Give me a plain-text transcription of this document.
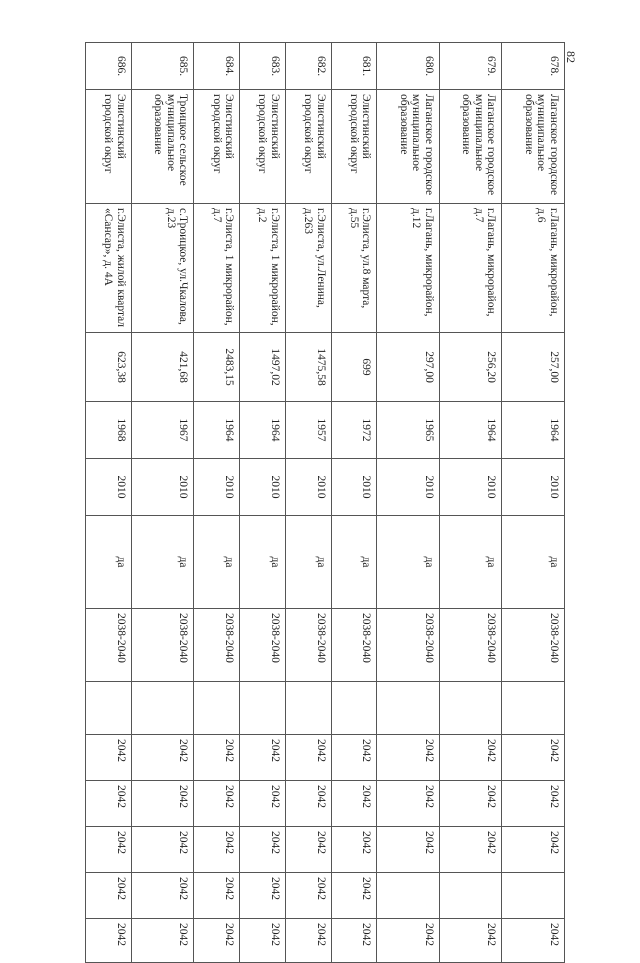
82
678.	Лаганское городское муниципальное образование	г.Лагань, микрорайон, д.6	257,00	1964	2010	да	2038-2040		2042	2042	2042		2042
679.	Лаганское городское муниципальное образование	г.Лагань, микрорайон, д.7	256,20	1964	2010	да	2038-2040		2042	2042	2042		2042
680.	Лаганское городское муниципальное образование	г.Лагань, микрорайон, д.12	297,00	1965	2010	да	2038-2040		2042	2042	2042		2042
681.	Элистинский городской округ	г.Элиста, ул.8 марта, д.55	699	1972	2010	да	2038-2040		2042	2042	2042	2042	2042
682.	Элистинский городской округ	г.Элиста, ул.Ленина, д.263	1475,58	1957	2010	да	2038-2040		2042	2042	2042	2042	2042
683.	Элистинский городской округ	г.Элиста, 1 микрорайон, д.2	1497,02	1964	2010	да	2038-2040		2042	2042	2042	2042	2042
684.	Элистинский городской округ	г.Элиста, 1 микрорайон, д.7	2483,15	1964	2010	да	2038-2040		2042	2042	2042	2042	2042
685.	Троицкое сельское муниципальное образование	с.Троицкое, ул.Чкалова, д.23	421,68	1967	2010	да	2038-2040		2042	2042	2042	2042	2042
686.	Элистинский городской округ	г.Элиста, жилой квартал «Сансар», д. 4А	623,38	1968	2010	да	2038-2040		2042	2042	2042	2042	2042
